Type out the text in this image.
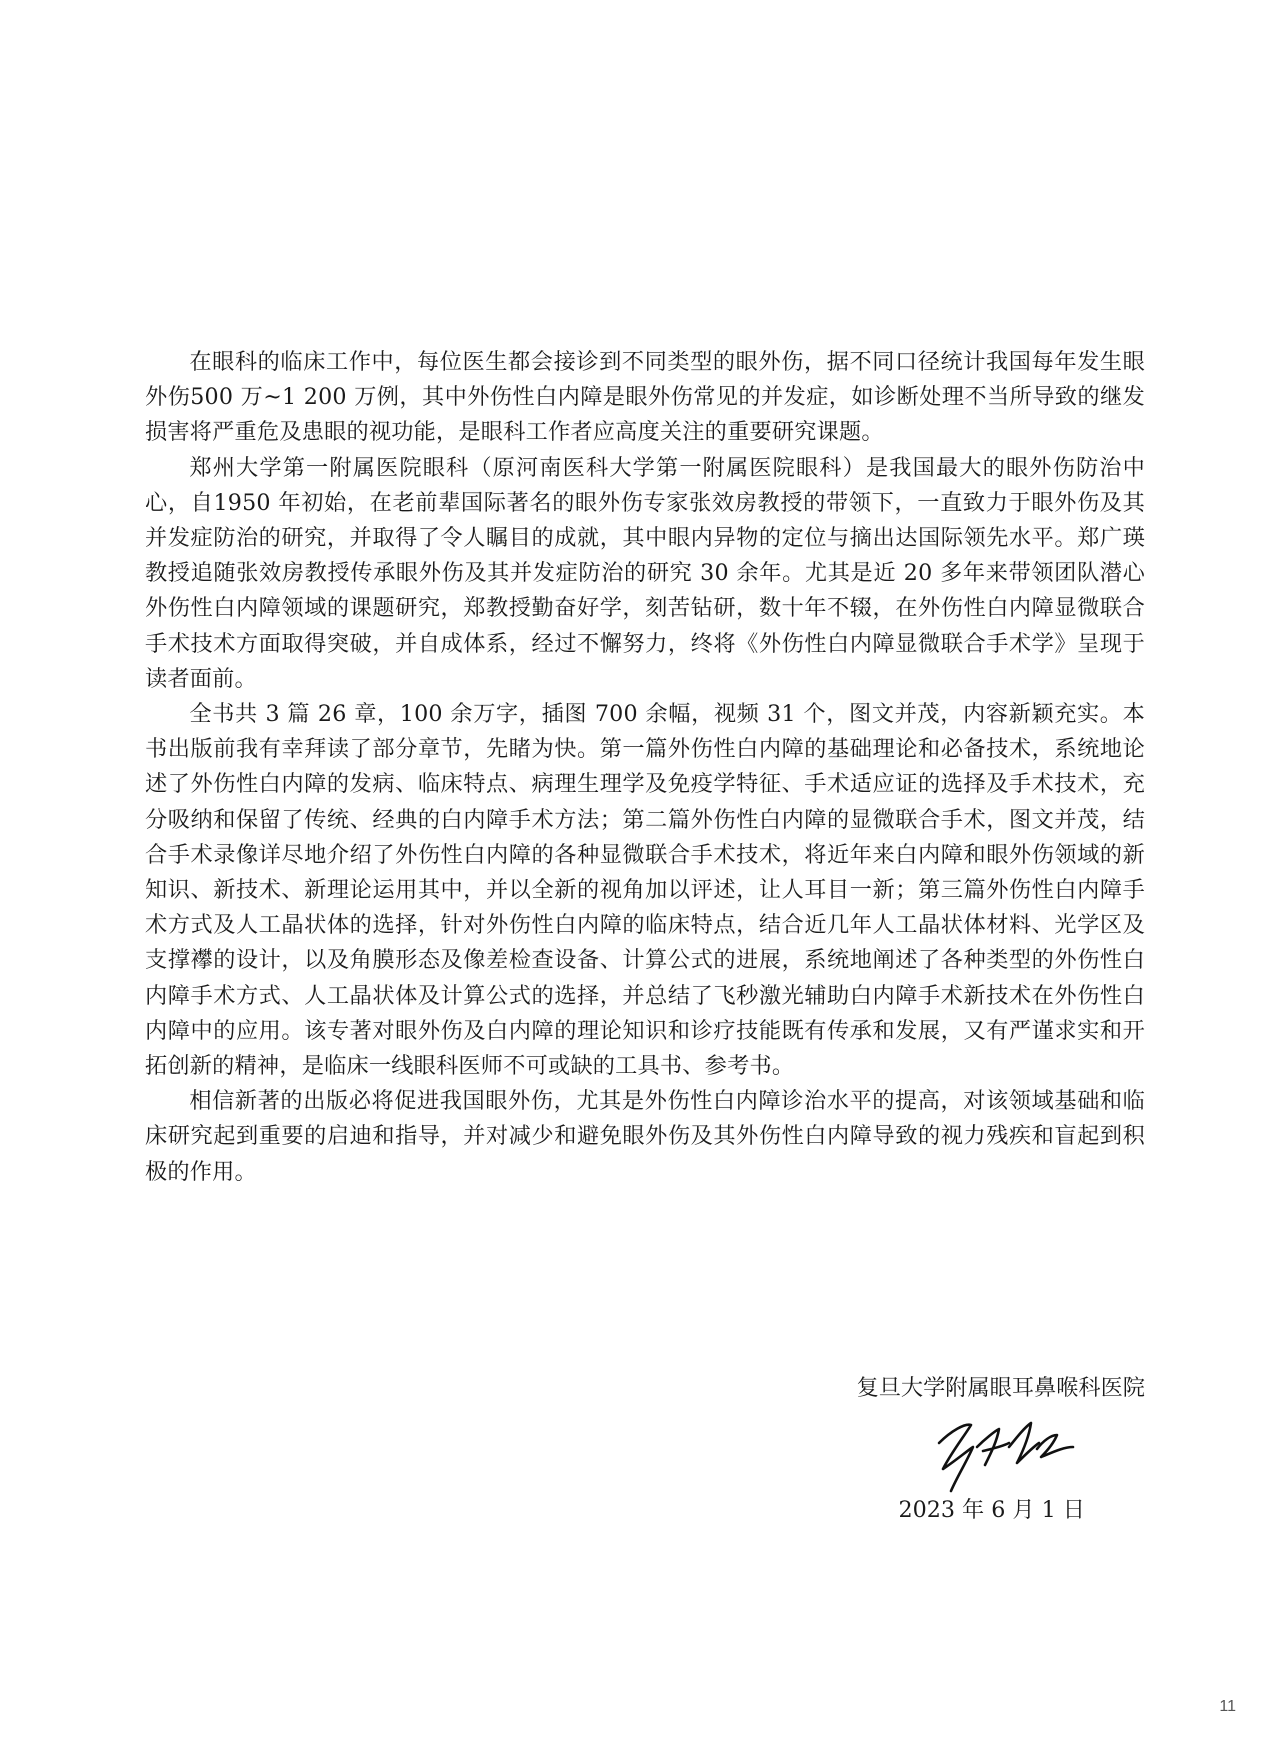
在眼科的临床工作中，每位医生都会接诊到不同类型的眼外伤，据不同口径统计我国每年发生眼外伤500 万~1 200 万例，其中外伤性白内障是眼外伤常见的并发症，如诊断处理不当所导致的继发损害将严重危及患眼的视功能，是眼科工作者应高度关注的重要研究课题。

郑州大学第一附属医院眼科（原河南医科大学第一附属医院眼科）是我国最大的眼外伤防治中心，自1950 年初始，在老前辈国际著名的眼外伤专家张效房教授的带领下，一直致力于眼外伤及其并发症防治的研究，并取得了令人瞩目的成就，其中眼内异物的定位与摘出达国际领先水平。郑广瑛教授追随张效房教授传承眼外伤及其并发症防治的研究 30 余年。尤其是近 20 多年来带领团队潜心外伤性白内障领域的课题研究，郑教授勤奋好学，刻苦钻研，数十年不辍，在外伤性白内障显微联合手术技术方面取得突破，并自成体系，经过不懈努力，终将《外伤性白内障显微联合手术学》呈现于读者面前。

全书共 3 篇 26 章，100 余万字，插图 700 余幅，视频 31 个，图文并茂，内容新颖充实。本书出版前我有幸拜读了部分章节，先睹为快。第一篇外伤性白内障的基础理论和必备技术，系统地论述了外伤性白内障的发病、临床特点、病理生理学及免疫学特征、手术适应证的选择及手术技术，充分吸纳和保留了传统、经典的白内障手术方法；第二篇外伤性白内障的显微联合手术，图文并茂，结合手术录像详尽地介绍了外伤性白内障的各种显微联合手术技术，将近年来白内障和眼外伤领域的新知识、新技术、新理论运用其中，并以全新的视角加以评述，让人耳目一新；第三篇外伤性白内障手术方式及人工晶状体的选择，针对外伤性白内障的临床特点，结合近几年人工晶状体材料、光学区及支撑襻的设计，以及角膜形态及像差检查设备、计算公式的进展，系统地阐述了各种类型的外伤性白内障手术方式、人工晶状体及计算公式的选择，并总结了飞秒激光辅助白内障手术新技术在外伤性白内障中的应用。该专著对眼外伤及白内障的理论知识和诊疗技能既有传承和发展，又有严谨求实和开拓创新的精神，是临床一线眼科医师不可或缺的工具书、参考书。

相信新著的出版必将促进我国眼外伤，尤其是外伤性白内障诊治水平的提高，对该领域基础和临床研究起到重要的启迪和指导，并对减少和避免眼外伤及其外伤性白内障导致的视力残疾和盲起到积极的作用。

复旦大学附属眼耳鼻喉科医院
2023 年 6 月 1 日
11
